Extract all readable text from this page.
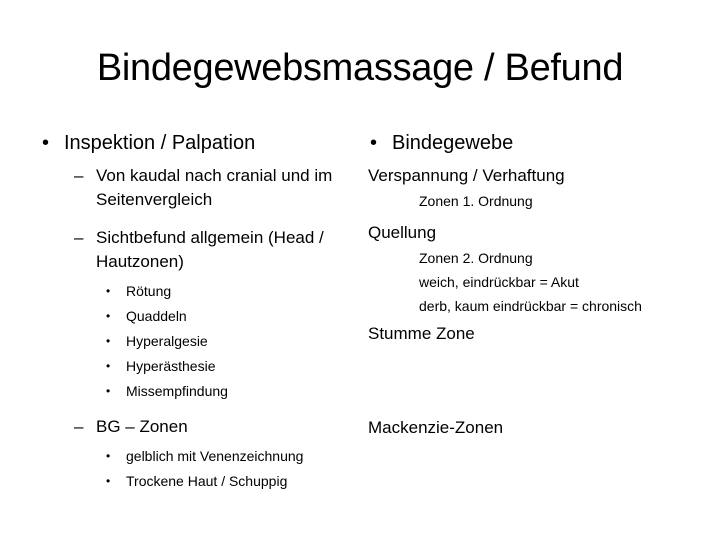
Bindegewebsmassage / Befund
• Inspektion / Palpation
– Von kaudal nach cranial und im Seitenvergleich
– Sichtbefund allgemein (Head / Hautzonen)
• Rötung
• Quaddeln
• Hyperalgesie
• Hyperästhesie
• Missempfindung
– BG – Zonen
• gelblich mit Venenzeichnung
• Trockene Haut / Schuppig
• Bindegewebe
Verspannung / Verhaftung
Zonen 1. Ordnung
Quellung
Zonen 2. Ordnung
weich, eindrückbar = Akut
derb, kaum eindrückbar = chronisch
Stumme Zone
Mackenzie-Zonen
